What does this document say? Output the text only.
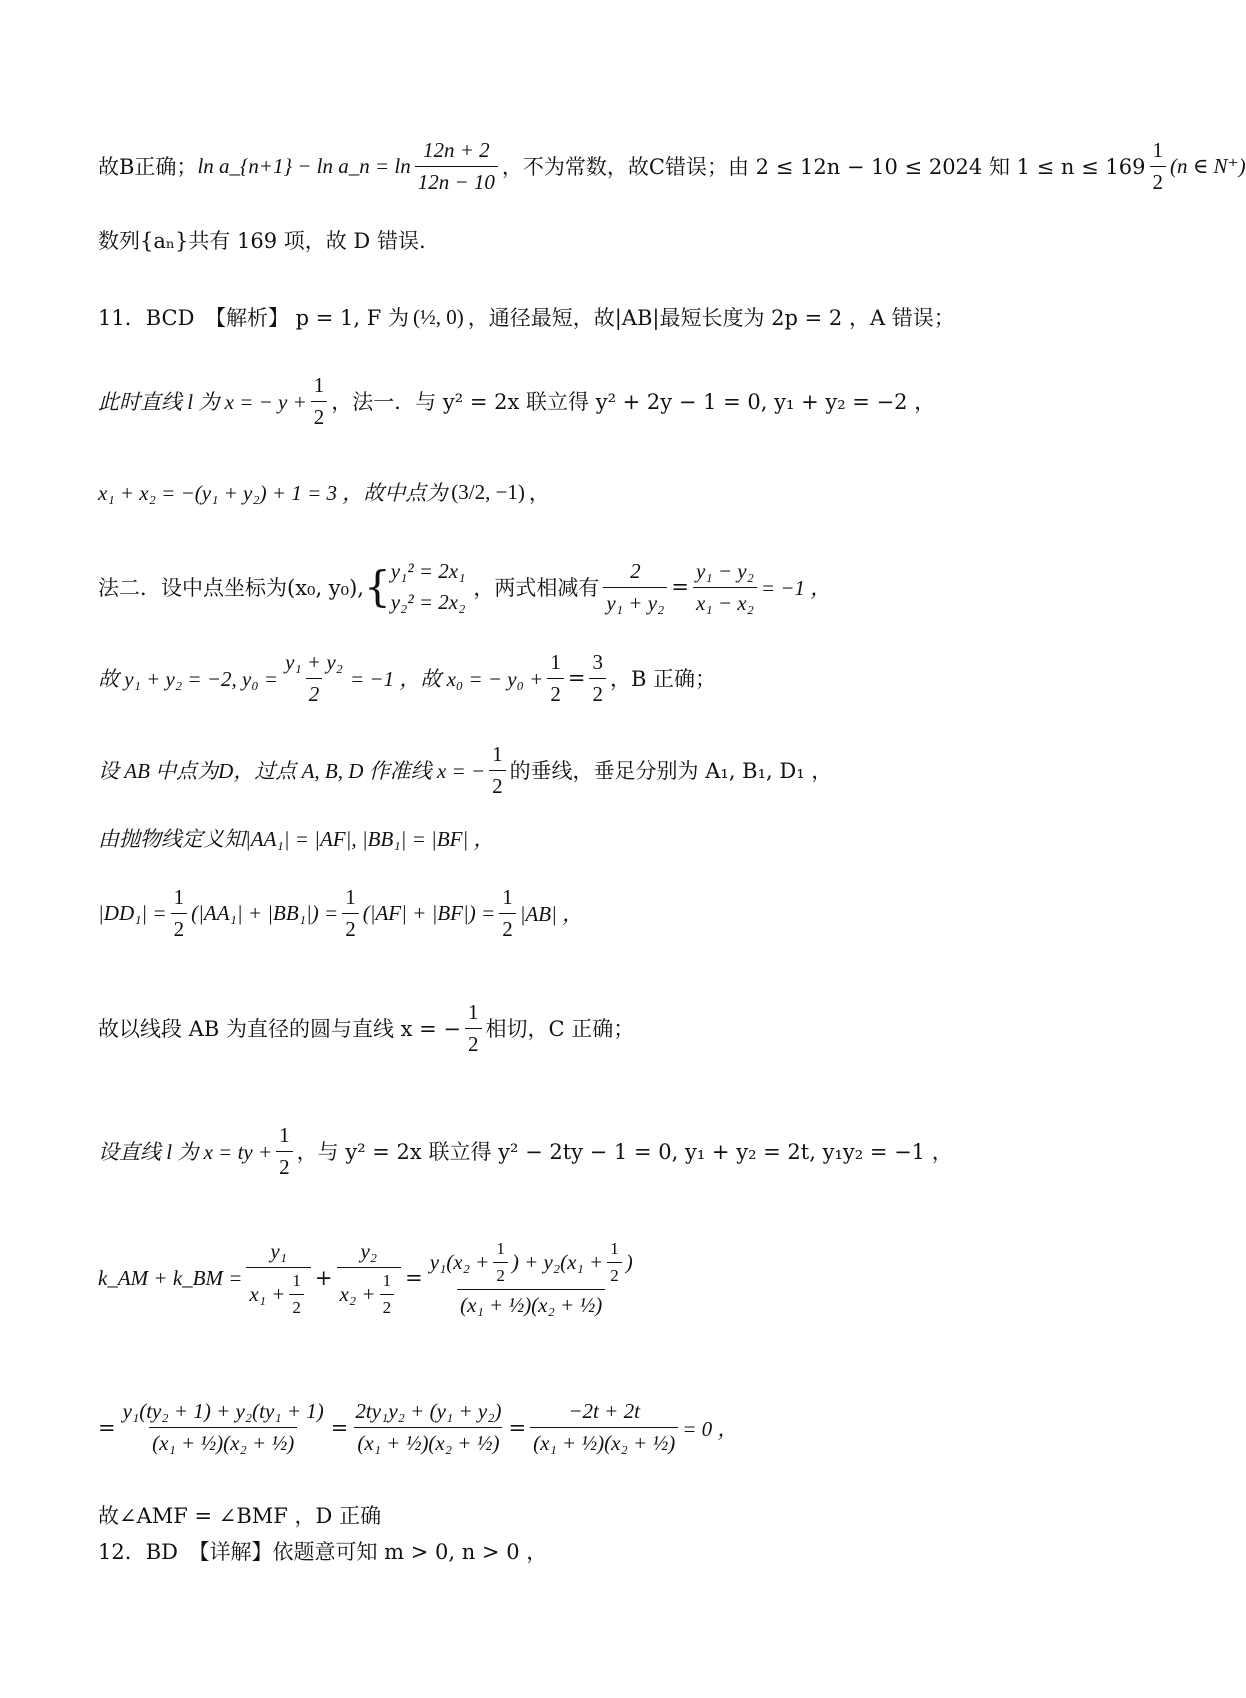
故B正确； ln a_{n+1} − ln a_n = ln
12n + 2
12n − 10
，不为常数，故C错误；由 2 ≤ 12n − 10 ≤ 2024 知 1 ≤ n ≤ 169
1
2
(n ∈ N⁺)
数列{aₙ}共有 169 项，故 D 错误.
11．BCD　【解析】 p = 1, F 为 (½, 0) ，通径最短，故|AB|最短长度为 2p = 2 ，A 错误；
此时直线 l 为 x = − $y + \frac{1}{2}$ ，法一．与 y² = 2x 联立得 y² + 2y − 1 = 0, y₁ + y₂ = −2 ，
x₁ + x₂ = −(y₁ + y₂) + 1 = 3 ，故中点为 (3/2, −1) ，
法二．设中点坐标为(x₀, y₀), { y₁² = 2x₁
y₂² = 2x₂
，两式相减有 $\frac{2}{\text{y₁ + y₂}} = \frac{\text{y₁ − y₂}}{\text{x₁ − x₂}} = -1$ ，
故 y₁ + y₂ = −2, $y_0 = \frac{\text{y₁ + y₂}}{2} = -1$ ，故 x₀ = − $y_0 + \frac{1}{2} = \frac{3}{2}$ ，B 正确；
设 AB 中点为D，过点 A, B, D 作准线 x = − $\frac{1}{2}$ 的垂线，垂足分别为 A₁, B₁, D₁ ，
由抛物线定义知|AA₁| = |AF|, |BB₁| = |BF| ，
$|DD_1| = \frac{1}{2} (|AA_1| + |BB_1|) = \frac{1}{2} (|AF| + |BF|) = \frac{1}{2} |AB|$ ，
故以线段 AB 为直径的圆与直线 x = − $\frac{1}{2}$ 相切，C 正确；
设直线 l 为 x = ty + $\frac{1}{2}$ ，与 y² = 2x 联立得 y² − 2ty − 1 = 0, y₁ + y₂ = 2t, y₁y₂ = −1 ，
k_AM + k_BM = $\frac{\text{y₁}}{x_1 + \frac{1}{2}} + \frac{\text{y₂}}{x_2 + \frac{1}{2}} = \frac{y_1(x_2 + \frac{1}{2} ) + y_2(x_1 + \frac{1}{2} )}{\text{(x₁ + ½)(x₂ + ½)}}$
= $\frac{\text{y₁(ty₂ + 1) + y₂(ty₁ + 1)}}{\text{(x₁ + ½)(x₂ + ½)}} = \frac{\text{2ty₁y₂ + (y₁ + y₂)}}{\text{(x₁ + ½)(x₂ + ½)}} = \frac{-2t + 2t}{\text{(x₁ + ½)(x₂ + ½)}} = 0$ ，
故∠AMF = ∠BMF ，D 正确
12．BD　【详解】依题意可知 m > 0, n > 0 ，
